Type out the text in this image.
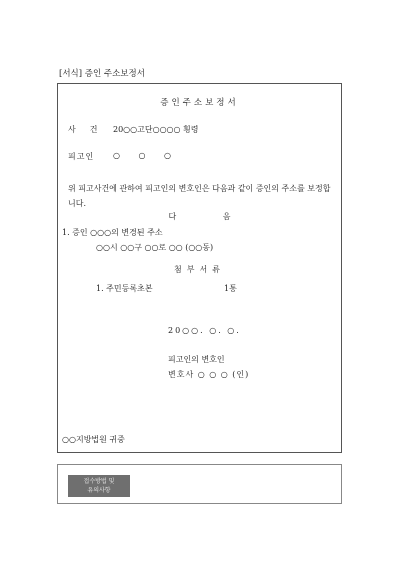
[서식] 증인 주소보정서
증인주소보정서
사건 20○○고단○○○○ 횡령
피고인 ○ ○ ○
위 피고사건에 관하여 피고인의 변호인은 다음과 같이 증인의 주소를 보정합니다.
다 음
1. 증인 ○○○의 변경된 주소
○○시 ○○구 ○○로 ○○ (○○동)
첨부서류
1. 주민등록초본	1통
20○○. ○. ○.
피고인의 변호인
변호사 ○ ○ ○ (인)
○○지방법원 귀중
접수방법 및
유의사항
